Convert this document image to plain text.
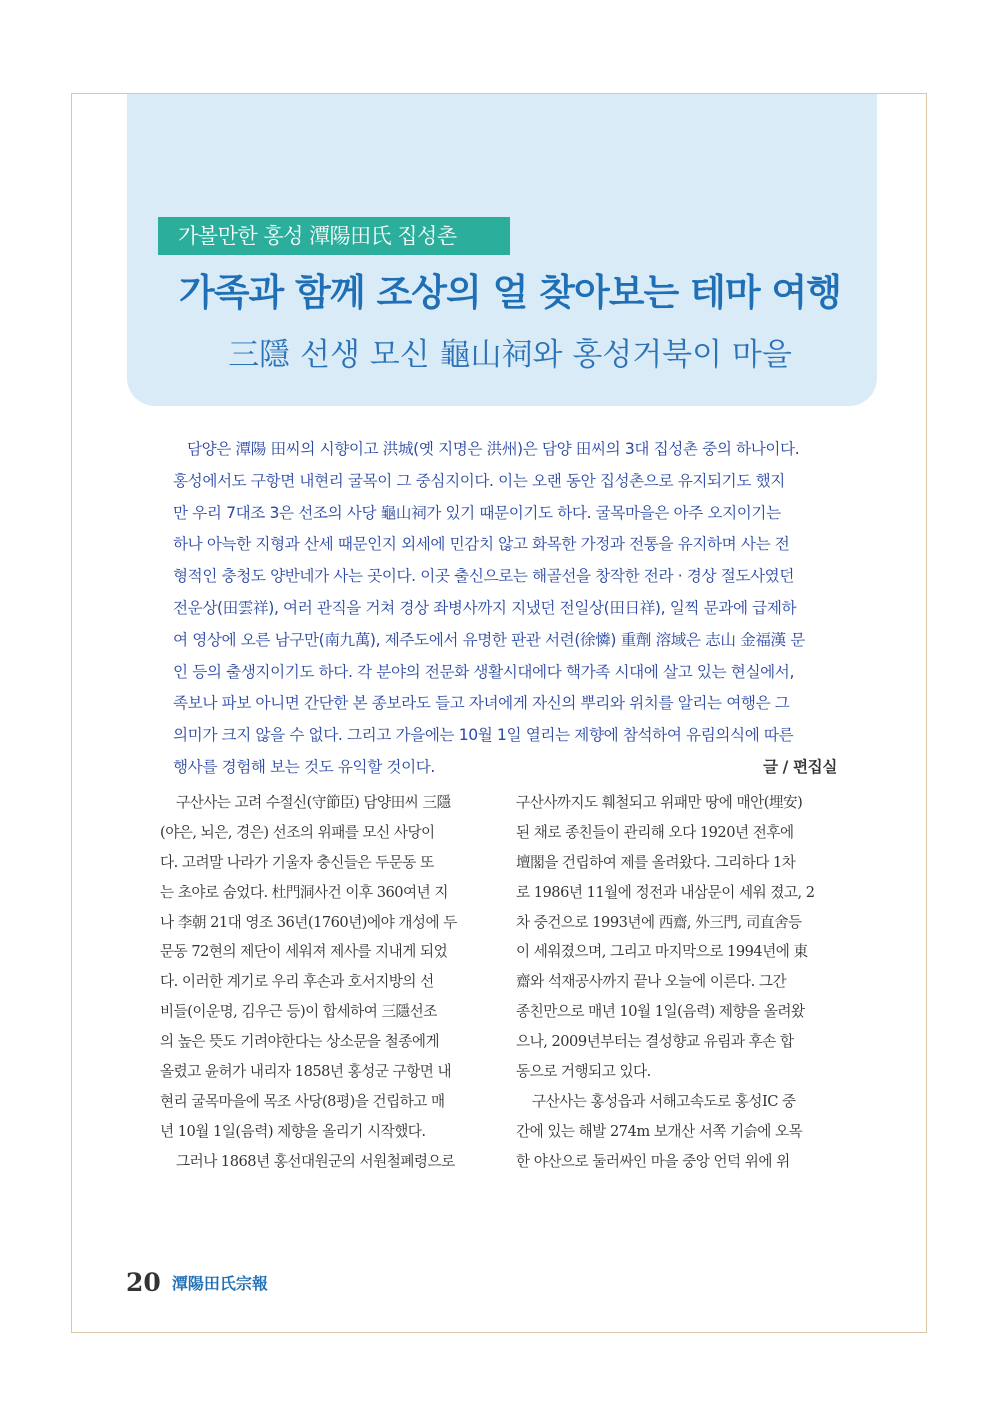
가볼만한 홍성 潭陽田氏 집성촌
가족과 함께 조상의 얼 찾아보는 테마 여행
三隱 선생 모신 龜山祠와 홍성거북이 마을
담양은 潭陽 田씨의 시향이고 洪城(옛 지명은 洪州)은 담양 田씨의 3대 집성촌 중의 하나이다.
홍성에서도 구항면 내현리 굴목이 그 중심지이다. 이는 오랜 동안 집성촌으로 유지되기도 했지
만 우리 7대조 3은 선조의 사당 龜山祠가 있기 때문이기도 하다. 굴목마을은 아주 오지이기는
하나 아늑한 지형과 산세 때문인지 외세에 민감치 않고 화목한 가정과 전통을 유지하며 사는 전
형적인 충청도 양반네가 사는 곳이다. 이곳 출신으로는 해골선을 창작한 전라 · 경상 절도사였던
전운상(田雲祥), 여러 관직을 거쳐 경상 좌병사까지 지냈던 전일상(田日祥), 일찍 문과에 급제하
여 영상에 오른 남구만(南九萬), 제주도에서 유명한 판관 서련(徐憐) 重劑 溶域은 志山 金福漢 문
인 등의 출생지이기도 하다. 각 분야의 전문화 생활시대에다 핵가족 시대에 살고 있는 현실에서,
족보나 파보 아니면 간단한 본 종보라도 들고 자녀에게 자신의 뿌리와 위치를 알리는 여행은 그
의미가 크지 않을 수 없다. 그리고 가을에는 10월 1일 열리는 제향에 참석하여 유림의식에 따른
행사를 경험해 보는 것도 유익할 것이다.	글 / 편집실
구산사는 고려 수절신(守節臣) 담양田씨 三隱
(야은, 뇌은, 경은) 선조의 위패를 모신 사당이
다. 고려말 나라가 기울자 충신들은 두문동 또
는 초야로 숨었다. 杜門洞사건 이후 360여년 지
나 李朝 21대 영조 36년(1760년)에야 개성에 두
문동 72현의 제단이 세워져 제사를 지내게 되었
다. 이러한 계기로 우리 후손과 호서지방의 선
비들(이운명, 김우근 등)이 합세하여 三隱선조
의 높은 뜻도 기려야한다는 상소문을 철종에게
올렸고 윤허가 내리자 1858년 홍성군 구항면 내
현리 굴목마을에 목조 사당(8평)을 건립하고 매
년 10월 1일(음력) 제향을 올리기 시작했다.
그러나 1868년 홍선대원군의 서원철폐령으로
구산사까지도 훼철되고 위패만 땅에 매안(埋安)
된 채로 종친들이 관리해 오다 1920년 전후에
壇閣을 건립하여 제를 올려왔다. 그리하다 1차
로 1986년 11월에 정전과 내삼문이 세워 졌고, 2
차 중건으로 1993년에 西齋, 外三門, 司直舍등
이 세워졌으며, 그리고 마지막으로 1994년에 東
齋와 석재공사까지 끝나 오늘에 이른다. 그간
종친만으로 매년 10월 1일(음력) 제향을 올려왔
으나, 2009년부터는 결성향교 유림과 후손 합
동으로 거행되고 있다.
구산사는 홍성읍과 서해고속도로 홍성IC 중
간에 있는 해발 274m 보개산 서쪽 기슭에 오목
한 야산으로 둘러싸인 마을 중앙 언덕 위에 위
20 潭陽田氏宗報
